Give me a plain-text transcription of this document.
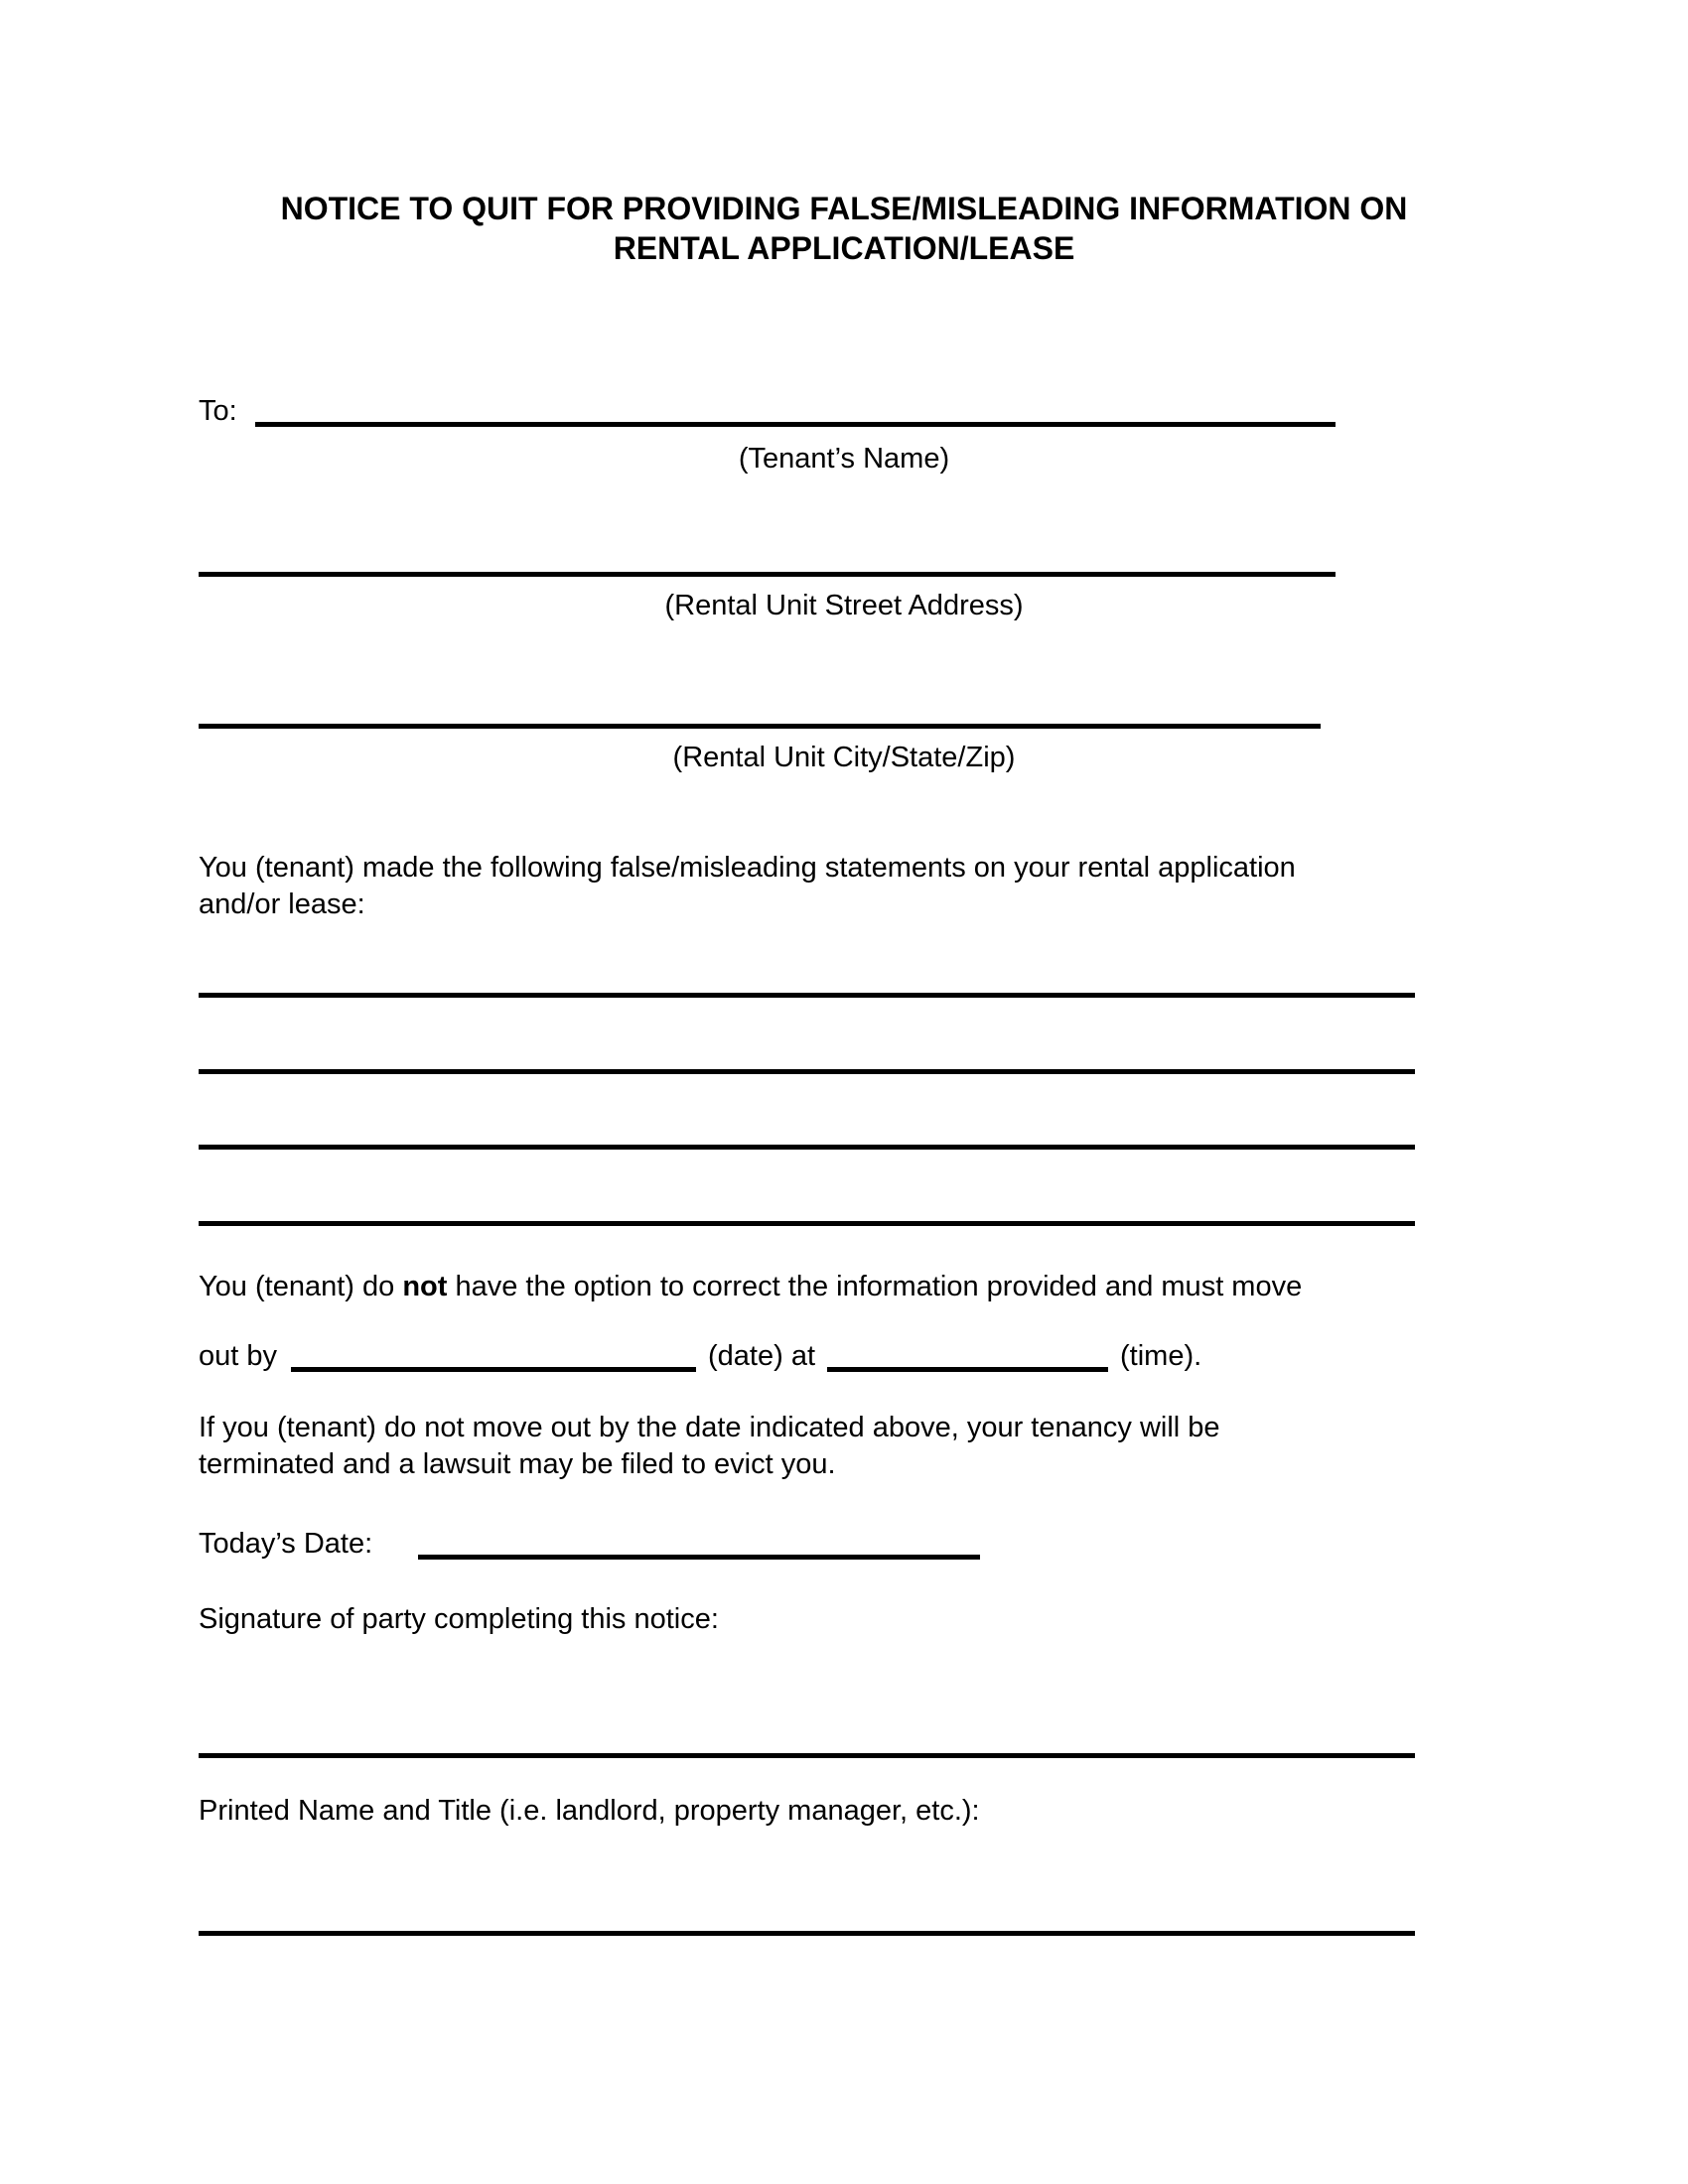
NOTICE TO QUIT FOR PROVIDING FALSE/MISLEADING INFORMATION ON
RENTAL APPLICATION/LEASE
To:
(Tenant’s Name)
(Rental Unit Street Address)
(Rental Unit City/State/Zip)
You (tenant) made the following false/misleading statements on your rental application
and/or lease:
You (tenant) do not have the option to correct the information provided and must move
out by	(date) at	(time).
If you (tenant) do not move out by the date indicated above, your tenancy will be
terminated and a lawsuit may be filed to evict you.
Today’s Date:
Signature of party completing this notice:
Printed Name and Title (i.e. landlord, property manager, etc.):
